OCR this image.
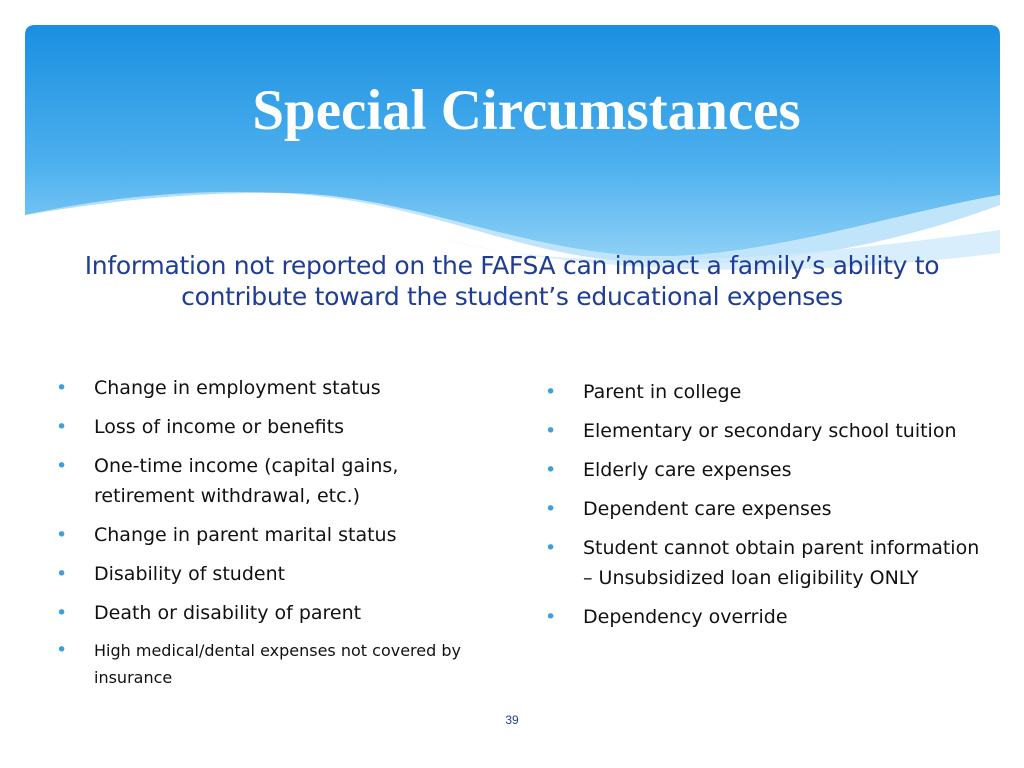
Special Circumstances

Information not reported on the FAFSA can impact a family’s ability to contribute toward the student’s educational expenses

• Change in employment status
• Loss of income or benefits
• One-time income (capital gains, retirement withdrawal, etc.)
• Change in parent marital status
• Disability of student
• Death or disability of parent
• High medical/dental expenses not covered by insurance
• Parent in college
• Elementary or secondary school tuition
• Elderly care expenses
• Dependent care expenses
• Student cannot obtain parent information – Unsubsidized loan eligibility ONLY
• Dependency override
39
